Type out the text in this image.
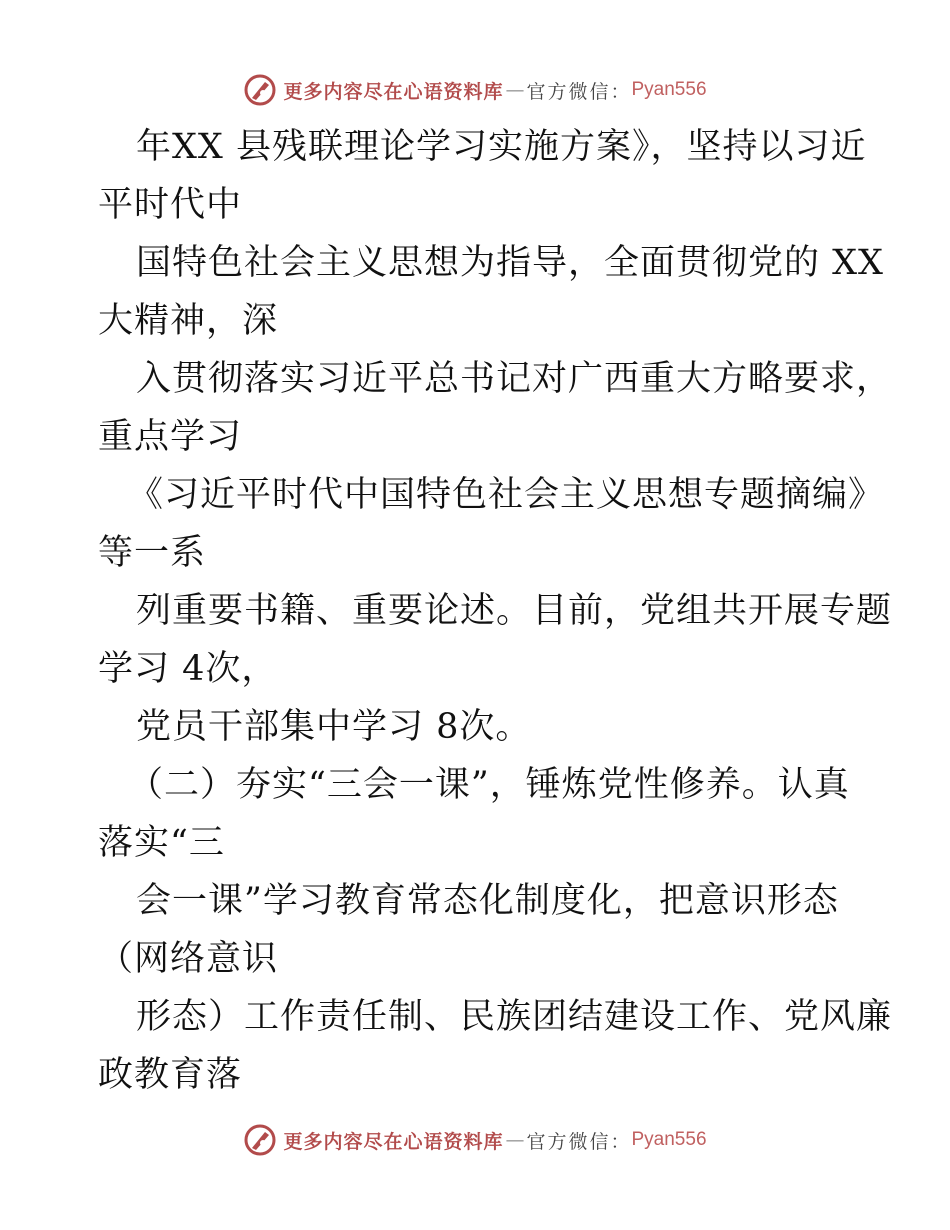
更多内容尽在心语资料库 — 官方微信： Pyan556
年XX 县残联理论学习实施方案》，坚持以习近
平时代中
国特色社会主义思想为指导，全面贯彻党的 XX
大精神，深
入贯彻落实习近平总书记对广西重大方略要求，
重点学习
《习近平时代中国特色社会主义思想专题摘编》
等一系
列重要书籍、重要论述。目前，党组共开展专题
学习 4次，
党员干部集中学习 8次。
（二）夯实“三会一课”，锤炼党性修养。认真
落实“三
会一课”学习教育常态化制度化，把意识形态
（网络意识
形态）工作责任制、民族团结建设工作、党风廉
政教育落
更多内容尽在心语资料库 — 官方微信： Pyan556
